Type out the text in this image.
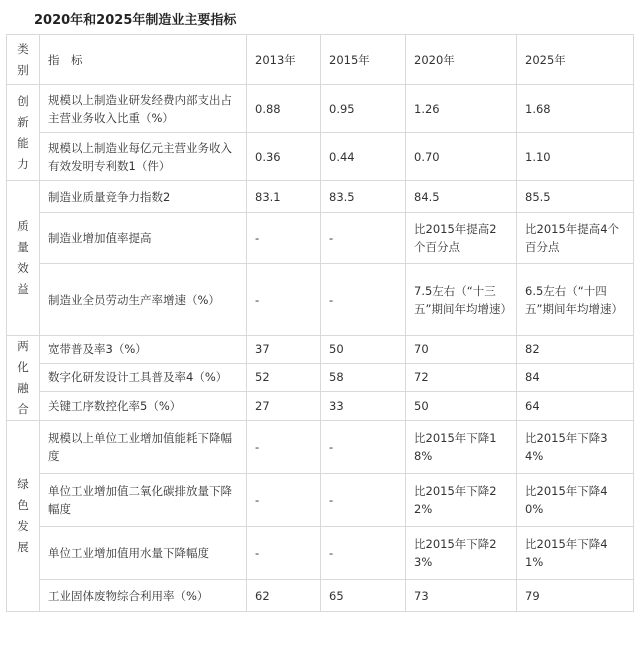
2020年和2025年制造业主要指标
类
别	指　标	2013年	2015年	2020年	2025年

创
新
能
力	规模以上制造业研发经费内部支出占主营业务收入比重（%）	0.88	0.95	1.26	1.68
	规模以上制造业每亿元主营业务收入有效发明专利数1（件）	0.36	0.44	0.70	1.10

质
量
效
益	制造业质量竞争力指数2	83.1	83.5	84.5	85.5
	制造业增加值率提高	-	-	比2015年提高2个百分点	比2015年提高4个百分点
	制造业全员劳动生产率增速（%）	-	-	7.5左右（“十三五”期间年均增速）	6.5左右（“十四五”期间年均增速）

两
化
融
合	宽带普及率3（%）	37	50	70	82
	数字化研发设计工具普及率4（%）	52	58	72	84
	关键工序数控化率5（%）	27	33	50	64

绿
色
发
展	规模以上单位工业增加值能耗下降幅度	-	-	比2015年下降18%	比2015年下降34%
	单位工业增加值二氧化碳排放量下降幅度	-	-	比2015年下降22%	比2015年下降40%
	单位工业增加值用水量下降幅度	-	-	比2015年下降23%	比2015年下降41%
	工业固体废物综合利用率（%）	62	65	73	79
